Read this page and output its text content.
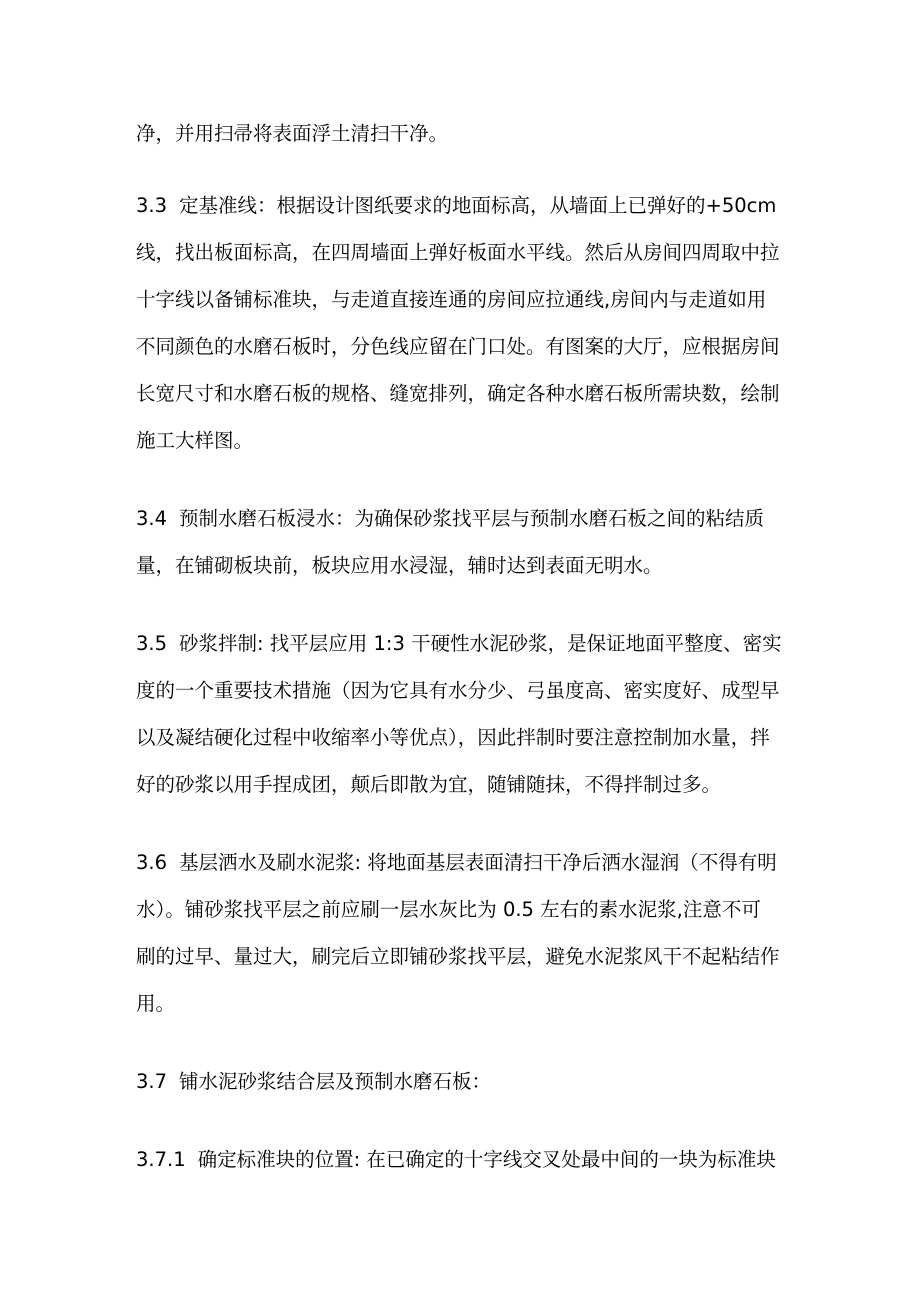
净，并用扫帚将表面浮土清扫干净。
3.3 定基准线：根据设计图纸要求的地面标高，从墙面上已弹好的+50cm
线，找出板面标高，在四周墙面上弹好板面水平线。然后从房间四周取中拉
十字线以备铺标准块，与走道直接连通的房间应拉通线,房间内与走道如用
不同颜色的水磨石板时，分色线应留在门口处。有图案的大厅，应根据房间
长宽尺寸和水磨石板的规格、缝宽排列，确定各种水磨石板所需块数，绘制
施工大样图。
3.4 预制水磨石板浸水：为确保砂浆找平层与预制水磨石板之间的粘结质
量，在铺砌板块前，板块应用水浸湿，辅时达到表面无明水。
3.5 砂浆拌制: 找平层应用 1:3 干硬性水泥砂浆，是保证地面平整度、密实
度的一个重要技术措施（因为它具有水分少、弓虽度高、密实度好、成型早
以及凝结硬化过程中收缩率小等优点），因此拌制时要注意控制加水量，拌
好的砂浆以用手捏成团，颠后即散为宜，随铺随抹，不得拌制过多。
3.6 基层洒水及刷水泥浆: 将地面基层表面清扫干净后洒水湿润（不得有明
水）。铺砂浆找平层之前应刷一层水灰比为 0.5 左右的素水泥浆,注意不可
刷的过早、量过大，刷完后立即铺砂浆找平层，避免水泥浆风干不起粘结作
用。
3.7 铺水泥砂浆结合层及预制水磨石板：
3.7.1 确定标准块的位置: 在已确定的十字线交叉处最中间的一块为标准块
